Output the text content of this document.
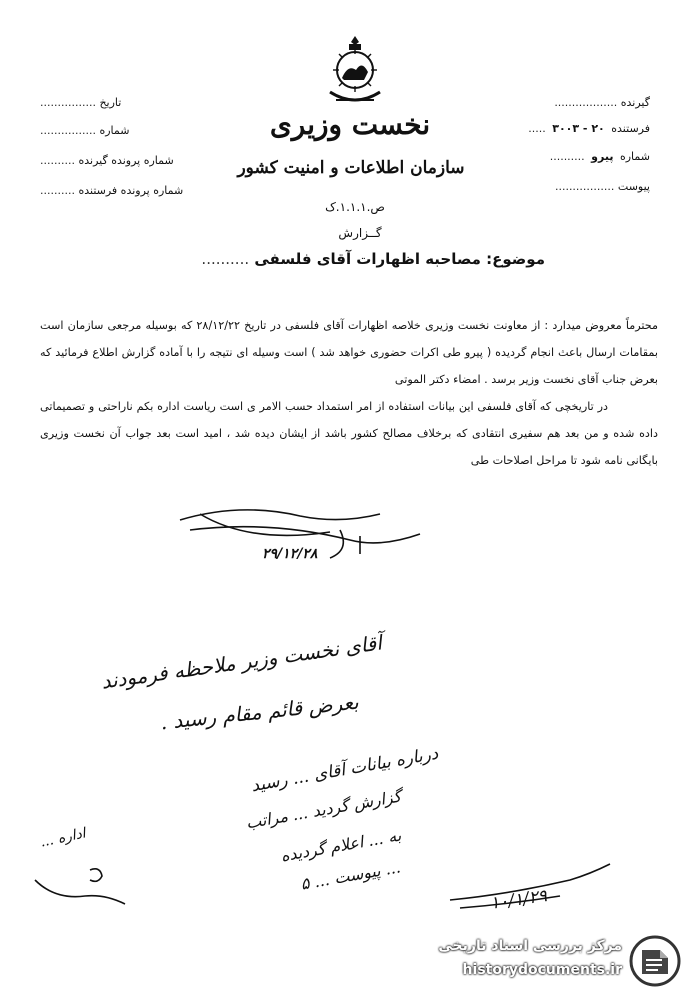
نخست وزیری
سازمان اطلاعات و امنیت کشور
ص.۱.۱.۱.ک
گــزارش
گیرنده ..................
فرستنده ۲۰ - ۳۰۰۳ .....
شماره پیرو ..........
پیوست .................
تاریخ ................
شماره ................
شماره پرونده گیرنده ..........
شماره پرونده فرستنده ..........
موضوع: مصاحبه اظهارات آقای فلسفی ..........

محترماً معروض میدارد : از معاونت نخست وزیری خلاصه اظهارات آقای فلسفی در تاریخ ۲۸/۱۲/۲۲ که بوسیله مرجعی سازمان است بمقامات ارسال باعث انجام گردیده ( پیرو طی اکرات حضوری خواهد شد ) است وسیله ای نتیجه را با آماده گزارش اطلاع فرمائید که بعرض جناب آقای نخست وزیر برسد . امضاء دکتر الموتی

در تاریخچی که آقای فلسفی این بیانات استفاده از امر استمداد حسب الامر ی است ریاست اداره بکم ناراحتی و تصمیماتی داده شده و من بعد هم سفیری انتقادی که برخلاف مصالح کشور باشد از ایشان دیده شد ، امید است بعد جواب آن نخست وزیری بایگانی نامه شود تا مراحل اصلاحات طی

۲۹/۱۲/۲۸
آقای نخست وزیر ملاحظه فرمودند
بعرض قائم مقام رسید .
درباره بیانات آقای ... رسید
گزارش گردید ... مراتب
به ... اعلام گردیده
... پیوست ... ۵
اداره ...
۱۰/۱/۲۹
مرکز بررسی اسناد تاریخی
historydocuments.ir
